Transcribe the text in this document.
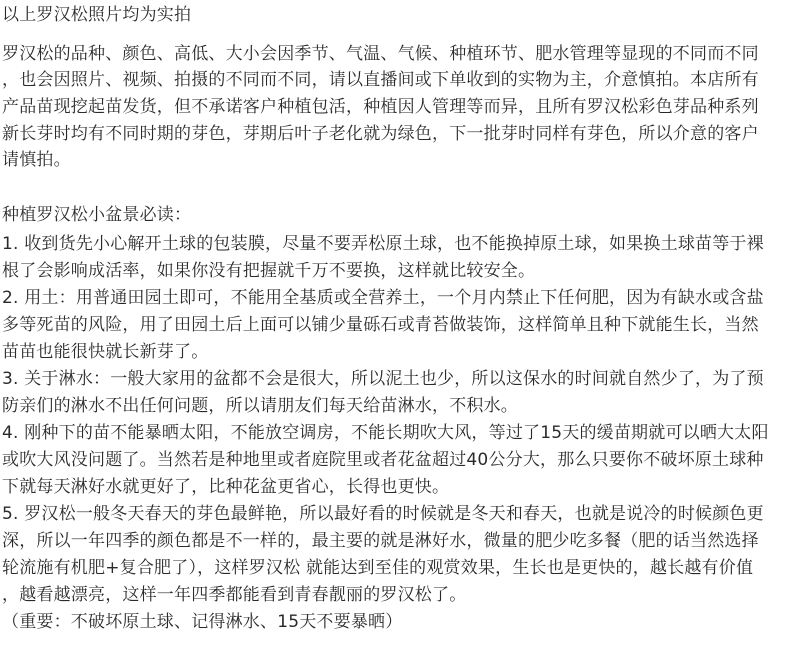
以上罗汉松照片均为实拍
罗汉松的品种、颜色、高低、大小会因季节、气温、气候、种植环节、肥水管理等显现的不同而不同
，也会因照片、视频、拍摄的不同而不同，请以直播间或下单收到的实物为主，介意慎拍。本店所有
产品苗现挖起苗发货，但不承诺客户种植包活，种植因人管理等而异，且所有罗汉松彩色芽品种系列
新长芽时均有不同时期的芽色，芽期后叶子老化就为绿色，下一批芽时同样有芽色，所以介意的客户
请慎拍。
种植罗汉松小盆景必读：
1. 收到货先小心解开土球的包装膜，尽量不要弄松原土球，也不能换掉原土球，如果换土球苗等于裸
根了会影响成活率，如果你没有把握就千万不要换，这样就比较安全。
2. 用土：用普通田园土即可，不能用全基质或全营养土，一个月内禁止下任何肥，因为有缺水或含盐
多等死苗的风险，用了田园土后上面可以铺少量砾石或青苔做装饰，这样简单且种下就能生长，当然
苗苗也能很快就长新芽了。
3. 关于淋水：一般大家用的盆都不会是很大，所以泥土也少，所以这保水的时间就自然少了，为了预
防亲们的淋水不出任何问题，所以请朋友们每天给苗淋水，不积水。
4. 刚种下的苗不能暴晒太阳，不能放空调房，不能长期吹大风，等过了15天的缓苗期就可以晒大太阳
或吹大风没问题了。当然若是种地里或者庭院里或者花盆超过40公分大，那么只要你不破坏原土球种
下就每天淋好水就更好了，比种花盆更省心，长得也更快。
5. 罗汉松一般冬天春天的芽色最鲜艳，所以最好看的时候就是冬天和春天，也就是说冷的时候颜色更
深，所以一年四季的颜色都是不一样的，最主要的就是淋好水，微量的肥少吃多餐（肥的话当然选择
轮流施有机肥+复合肥了），这样罗汉松 就能达到至佳的观赏效果，生长也是更快的，越长越有价值
，越看越漂亮，这样一年四季都能看到青春靓丽的罗汉松了。
（重要：不破坏原土球、记得淋水、15天不要暴晒）
